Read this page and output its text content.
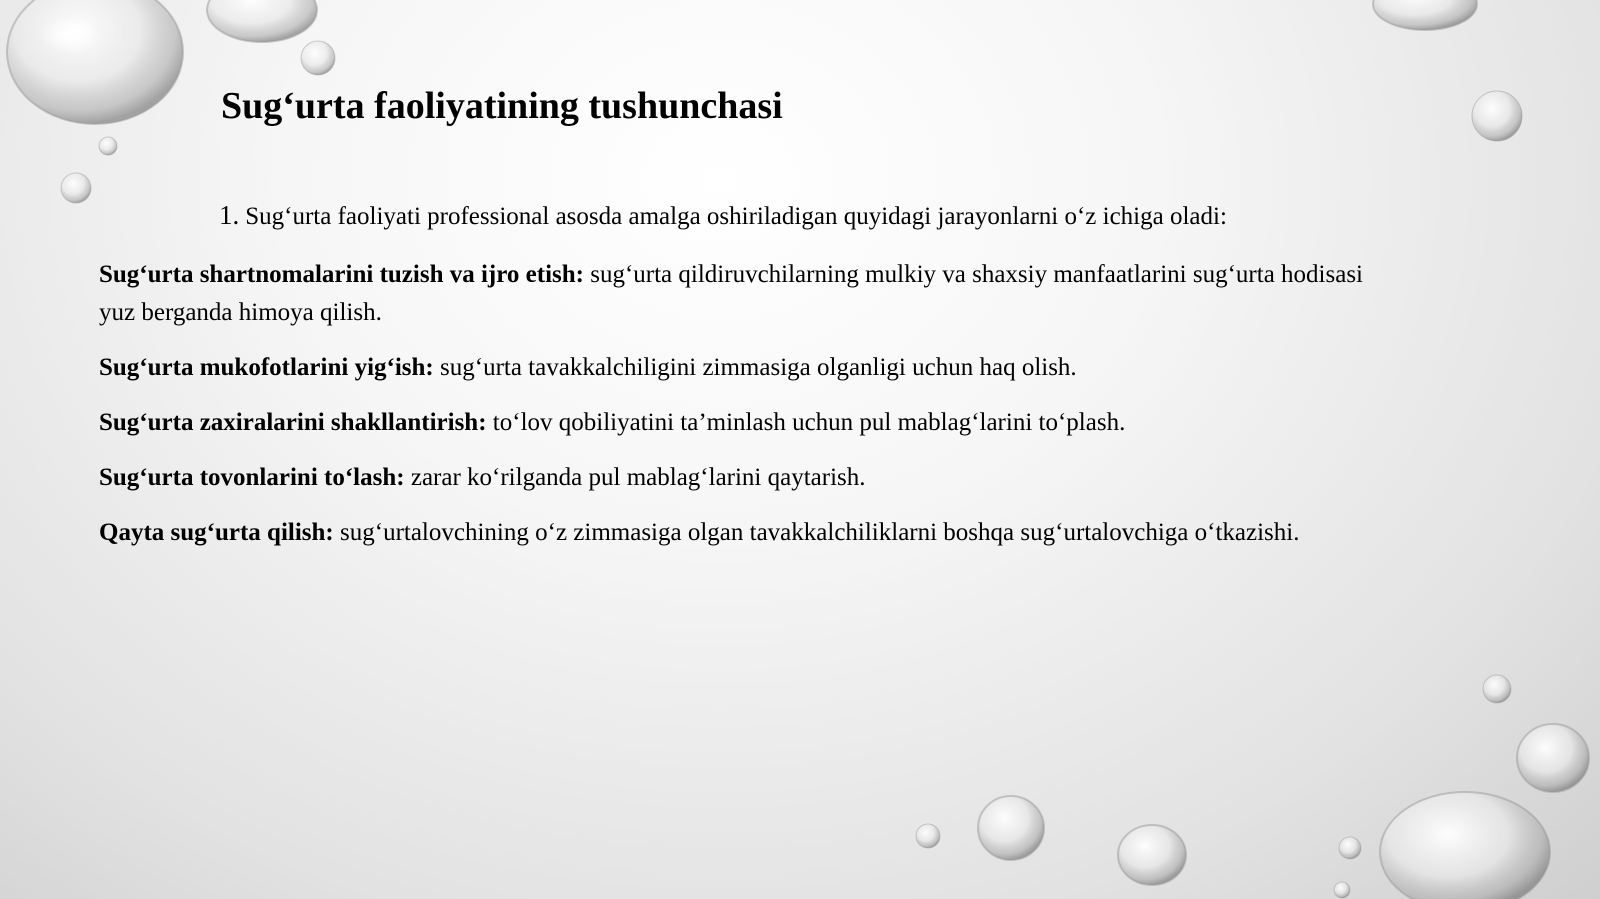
Sug‘urta faoliyatining tushunchasi
1. Sug‘urta faoliyati professional asosda amalga oshiriladigan quyidagi jarayonlarni o‘z ichiga oladi:

Sug‘urta shartnomalarini tuzish va ijro etish: sug‘urta qildiruvchilarning mulkiy va shaxsiy manfaatlarini sug‘urta hodisasi yuz berganda himoya qilish.

Sug‘urta mukofotlarini yig‘ish: sug‘urta tavakkalchiligini zimmasiga olganligi uchun haq olish.

Sug‘urta zaxiralarini shakllantirish: to‘lov qobiliyatini ta’minlash uchun pul mablag‘larini to‘plash.

Sug‘urta tovonlarini to‘lash: zarar ko‘rilganda pul mablag‘larini qaytarish.

Qayta sug‘urta qilish: sug‘urtalovchining o‘z zimmasiga olgan tavakkalchiliklarni boshqa sug‘urtalovchiga o‘tkazishi.
